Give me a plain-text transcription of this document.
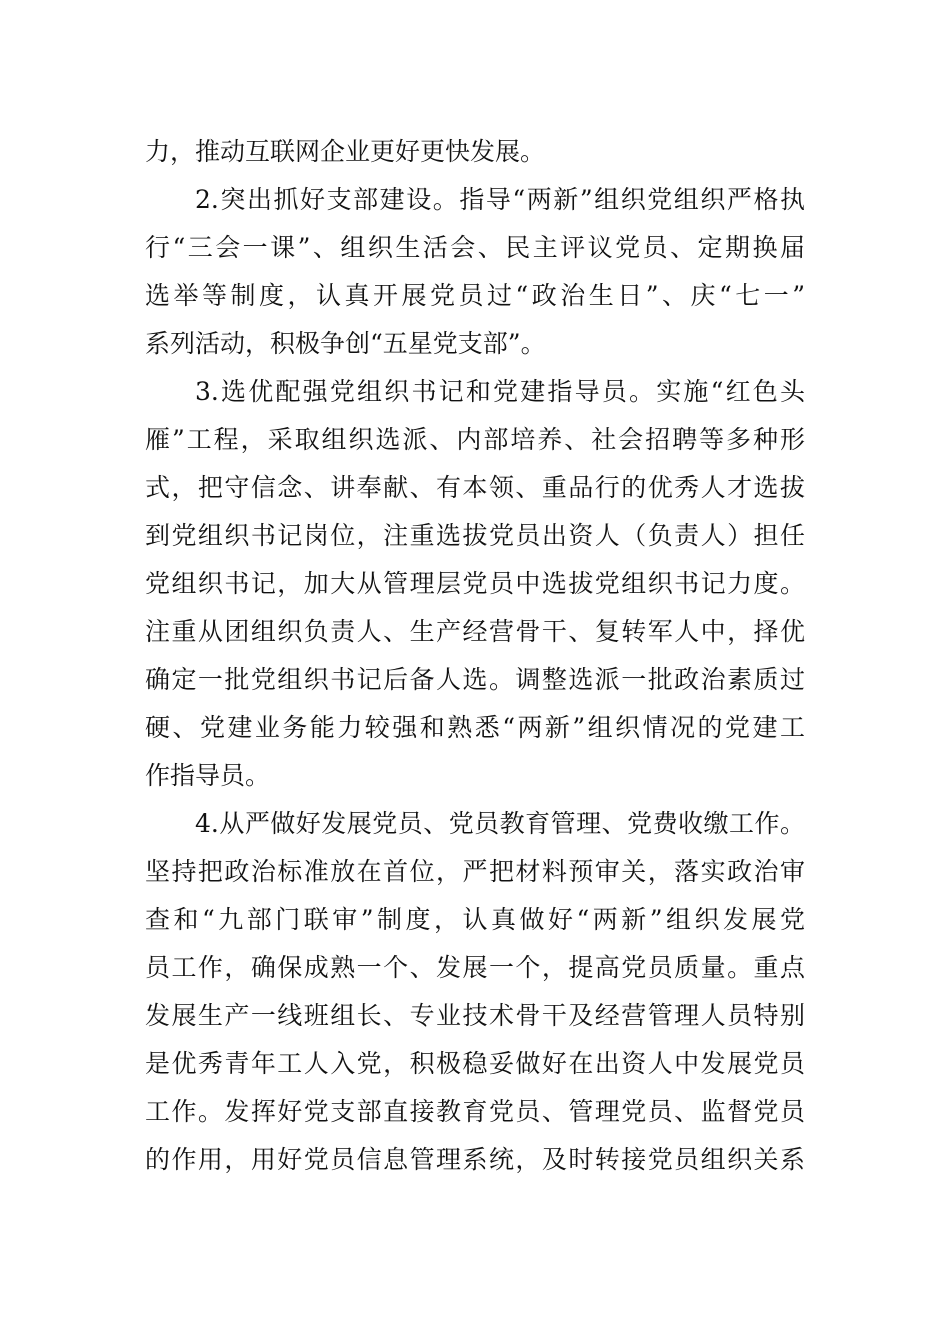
力，推动互联网企业更好更快发展。
2.突出抓好支部建设。指导“两新”组织党组织严格执
行“三会一课”、组织生活会、民主评议党员、定期换届
选举等制度，认真开展党员过“政治生日”、庆“七一”
系列活动，积极争创“五星党支部”。
3.选优配强党组织书记和党建指导员。实施“红色头
雁”工程，采取组织选派、内部培养、社会招聘等多种形
式，把守信念、讲奉献、有本领、重品行的优秀人才选拔
到党组织书记岗位，注重选拔党员出资人（负责人）担任
党组织书记，加大从管理层党员中选拔党组织书记力度。
注重从团组织负责人、生产经营骨干、复转军人中，择优
确定一批党组织书记后备人选。调整选派一批政治素质过
硬、党建业务能力较强和熟悉“两新”组织情况的党建工
作指导员。
4.从严做好发展党员、党员教育管理、党费收缴工作。
坚持把政治标准放在首位，严把材料预审关，落实政治审
查和“九部门联审”制度，认真做好“两新”组织发展党
员工作，确保成熟一个、发展一个，提高党员质量。重点
发展生产一线班组长、专业技术骨干及经营管理人员特别
是优秀青年工人入党，积极稳妥做好在出资人中发展党员
工作。发挥好党支部直接教育党员、管理党员、监督党员
的作用，用好党员信息管理系统，及时转接党员组织关系
